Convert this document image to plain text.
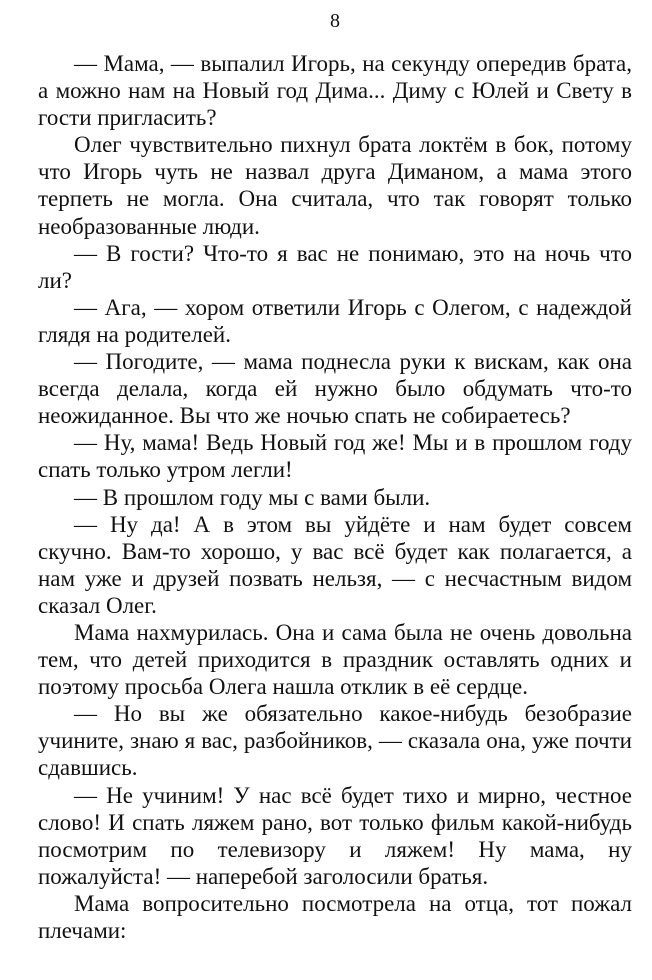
8

— Мама, — выпалил Игорь, на секунду опередив брата, а можно нам на Новый год Дима... Диму с Юлей и Свету в гости пригласить?

Олег чувствительно пихнул брата локтём в бок, потому что Игорь чуть не назвал друга Диманом, а мама этого терпеть не могла. Она считала, что так говорят только необразованные люди.

— В гости? Что-то я вас не понимаю, это на ночь что ли?

— Ага, — хором ответили Игорь с Олегом, с надеждой глядя на родителей.

— Погодите, — мама поднесла руки к вискам, как она всегда делала, когда ей нужно было обдумать что-то неожиданное. Вы что же ночью спать не собираетесь?

— Ну, мама! Ведь Новый год же! Мы и в прошлом году спать только утром легли!

— В прошлом году мы с вами были.

— Ну да! А в этом вы уйдёте и нам будет совсем скучно. Вам-то хорошо, у вас всё будет как полагается, а нам уже и друзей позвать нельзя, — с несчастным видом сказал Олег.

Мама нахмурилась. Она и сама была не очень довольна тем, что детей приходится в праздник оставлять одних и поэтому просьба Олега нашла отклик в её сердце.

— Но вы же обязательно какое-нибудь безобразие учините, знаю я вас, разбойников, — сказала она, уже почти сдавшись.

— Не учиним! У нас всё будет тихо и мирно, честное слово! И спать ляжем рано, вот только фильм какой-нибудь посмотрим по телевизору и ляжем! Ну мама, ну пожалуйста! — наперебой заголосили братья.

Мама вопросительно посмотрела на отца, тот пожал плечами:
